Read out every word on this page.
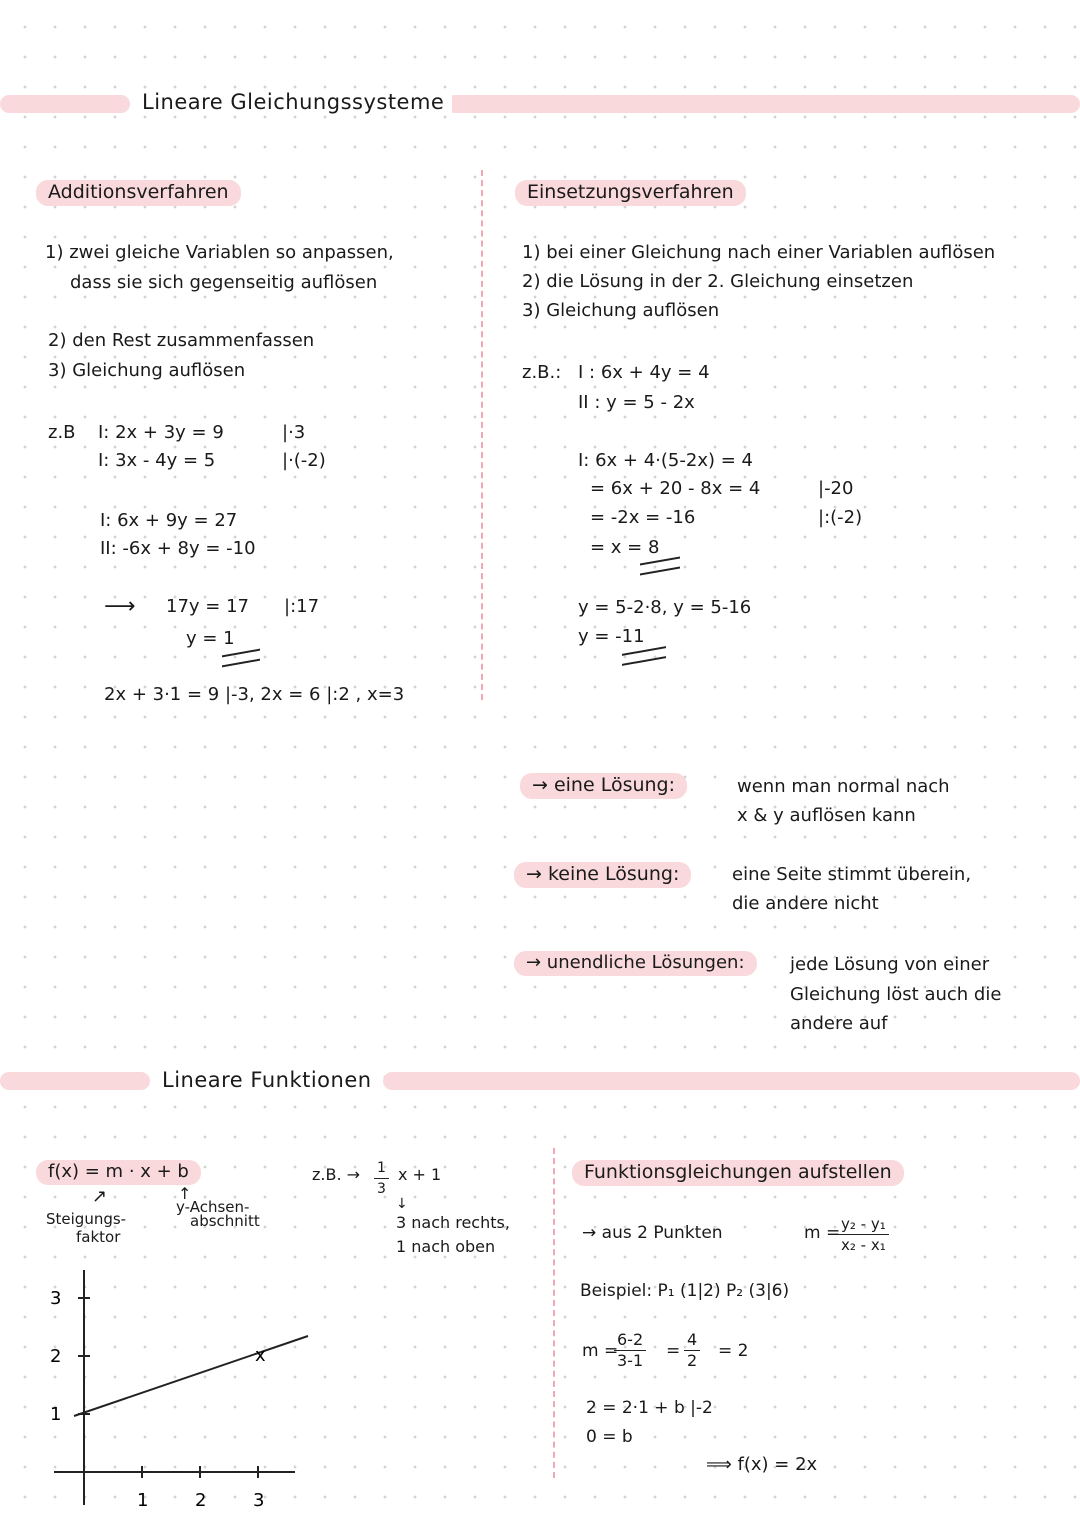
Lineare Gleichungssysteme
Additionsverfahren
1) zwei gleiche Variablen so anpassen,
dass sie sich gegenseitig auflösen
2) den Rest zusammenfassen
3) Gleichung auflösen
z.B I: 2x + 3y = 9	|·3
I: 3x - 4y = 5	|·(-2)
I: 6x + 9y = 27
II: -6x + 8y = -10
⟶ 17y = 17 |:17
y = 1
2x + 3·1 = 9 |-3, 2x = 6 |:2 , x=3
Einsetzungsverfahren
1) bei einer Gleichung nach einer Variablen auflösen
2) die Lösung in der 2. Gleichung einsetzen
3) Gleichung auflösen
z.B.: I : 6x + 4y = 4
II : y = 5 - 2x
I: 6x + 4·(5-2x) = 4
= 6x + 20 - 8x = 4	|-20
= -2x = -16	|:(-2)
= x = 8
y = 5-2·8, y = 5-16
y = -11
→ eine Lösung:	wenn man normal nach
x & y auflösen kann
→ keine Lösung:	eine Seite stimmt überein,
die andere nicht
→ unendliche Lösungen:	jede Lösung von einer
Gleichung löst auch die
andere auf
Lineare Funktionen
f(x) = m · x + b
↗	↑
Steigungs-
faktor
y-Achsen-
abschnitt
z.B. → $\frac{1}{3}$ x + 1
↓
3 nach rechts,
1 nach oben
1	2	3
1
2
3
x
Funktionsgleichungen aufstellen
→ aus 2 Punkten	m =
$\frac{\text{y₂ - y₁}}{\text{x₂ - x₁}}$
Beispiel: P₁ (1|2) P₂ (3|6)
m =
$\frac{6-2}{3-1} = \frac{4}{2} = 2$
2 = 2·1 + b |-2
0 = b
⟹ f(x) = 2x
